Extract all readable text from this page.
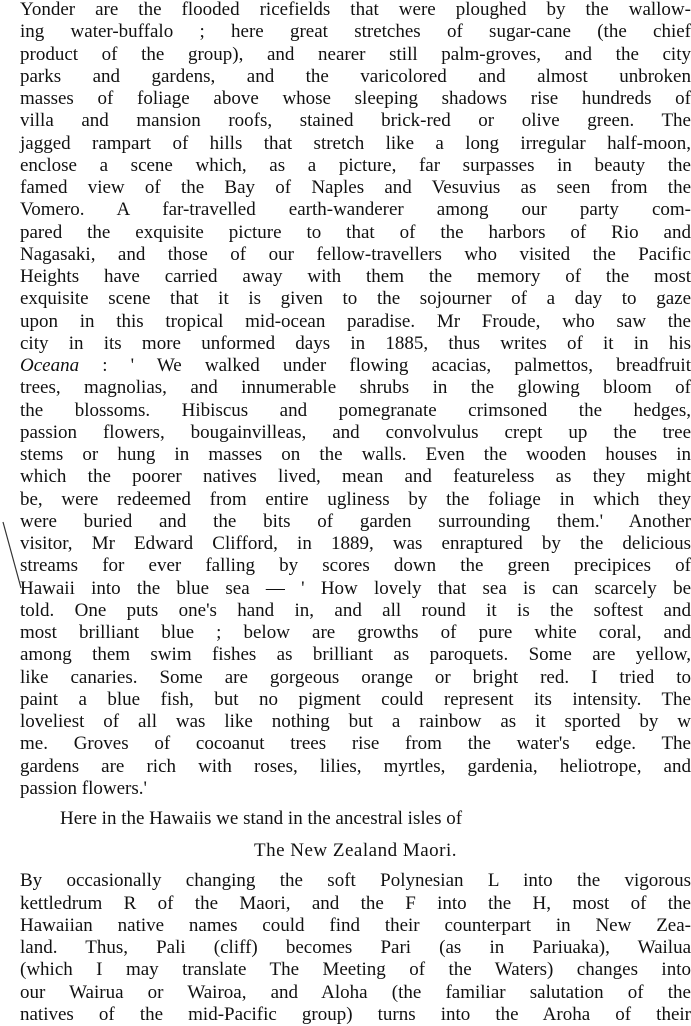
Yonder are the flooded ricefields that were ploughed by the wallow-
ing water-buffalo ; here great stretches of sugar-cane (the chief
product of the group), and nearer still palm-groves, and the city
parks and gardens, and the varicolored and almost unbroken
masses of foliage above whose sleeping shadows rise hundreds of
villa and mansion roofs, stained brick-red or olive green. The
jagged rampart of hills that stretch like a long irregular half-moon,
enclose a scene which, as a picture, far surpasses in beauty the
famed view of the Bay of Naples and Vesuvius as seen from the
Vomero. A far-travelled earth-wanderer among our party com-
pared the exquisite picture to that of the harbors of Rio and
Nagasaki, and those of our fellow-travellers who visited the Pacific
Heights have carried away with them the memory of the most
exquisite scene that it is given to the sojourner of a day to gaze
upon in this tropical mid-ocean paradise. Mr Froude, who saw the
city in its more unformed days in 1885, thus writes of it in his
Oceana : ' We walked under flowing acacias, palmettos, breadfruit
trees, magnolias, and innumerable shrubs in the glowing bloom of
the blossoms. Hibiscus and pomegranate crimsoned the hedges,
passion flowers, bougainvilleas, and convolvulus crept up the tree
stems or hung in masses on the walls. Even the wooden houses in
which the poorer natives lived, mean and featureless as they might
be, were redeemed from entire ugliness by the foliage in which they
were buried and the bits of garden surrounding them.' Another
visitor, Mr Edward Clifford, in 1889, was enraptured by the delicious
streams for ever falling by scores down the green precipices of
Hawaii into the blue sea — ' How lovely that sea is can scarcely be
told. One puts one's hand in, and all round it is the softest and
most brilliant blue ; below are growths of pure white coral, and
among them swim fishes as brilliant as paroquets. Some are yellow,
like canaries. Some are gorgeous orange or bright red. I tried to
paint a blue fish, but no pigment could represent its intensity. The
loveliest of all was like nothing but a rainbow as it sported by w
me. Groves of cocoanut trees rise from the water's edge. The
gardens are rich with roses, lilies, myrtles, gardenia, heliotrope, and
passion flowers.'
Here in the Hawaiis we stand in the ancestral isles of
The New Zealand Maori.
By occasionally changing the soft Polynesian L into the vigorous
kettledrum R of the Maori, and the F into the H, most of the
Hawaiian native names could find their counterpart in New Zea-
land. Thus, Pali (cliff) becomes Pari (as in Pariuaka), Wailua
(which I may translate The Meeting of the Waters) changes into
our Wairua or Wairoa, and Aloha (the familiar salutation of the
natives of the mid-Pacific group) turns into the Aroha of their
